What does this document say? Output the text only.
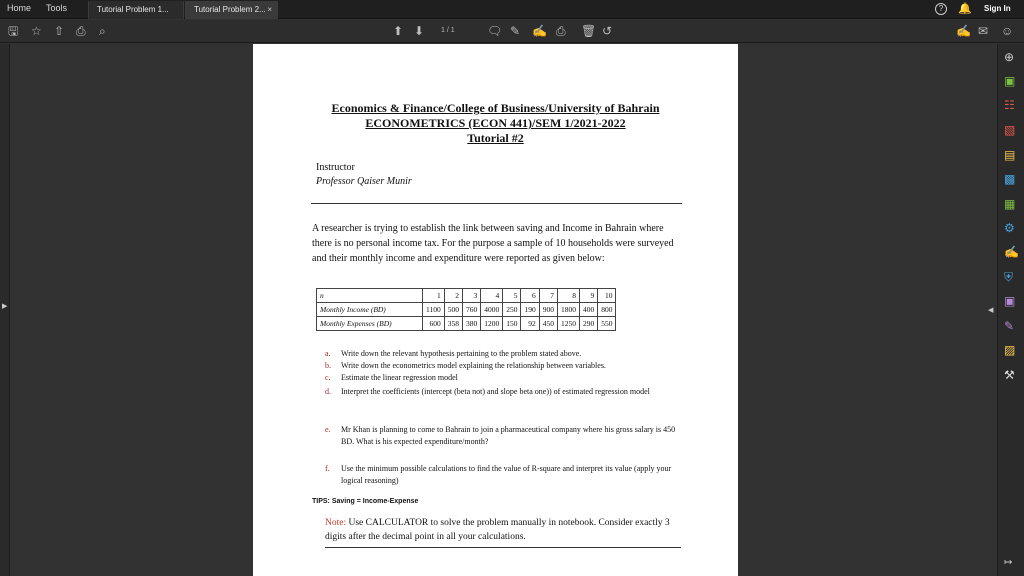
Home Tools	Tutorial Problem 1...	Tutorial Problem 2... ×	?	🔔 Sign In
🖫 ☆ ⇧ ⎙ ⌕	⬆ ⬇ 1 / 1	🗨 ✎ ✍ ⎙ 🗑 ↺	✍ ✉ ☺
▶
◀
⊕
▣
☷
▧
▤
▩
▦
⚙
✍
⛨
▣
✎
▨
⚒
↦
Economics & Finance/College of Business/University of Bahrain
ECONOMETRICS (ECON 441)/SEM 1/2021-2022
Tutorial #2
Instructor
Professor Qaiser Munir
A researcher is trying to establish the link between saving and Income in Bahrain where there is no personal income tax. For the purpose a sample of 10 households were surveyed and their monthly income and expenditure were reported as given below:
n	1	2	3	4	5	6	7	8	9	10
Monthly Income (BD)	1100	500	760	4000	250	190	900	1800	400	800
Monthly Expenses (BD)	600	358	380	1200	150	92	450	1250	290	550
a. Write down the relevant hypothesis pertaining to the problem stated above.
b. Write down the econometrics model explaining the relationship between variables.
c. Estimate the linear regression model
d. Interpret the coefficients (intercept (beta not) and slope beta one)) of estimated regression model
e. Mr Khan is planning to come to Bahrain to join a pharmaceutical company where his gross salary is 450 BD. What is his expected expenditure/month?
f. Use the minimum possible calculations to find the value of R-square and interpret its value (apply your logical reasoning)
TIPS: Saving = Income-Expense
Note: Use CALCULATOR to solve the problem manually in notebook. Consider exactly 3 digits after the decimal point in all your calculations.
